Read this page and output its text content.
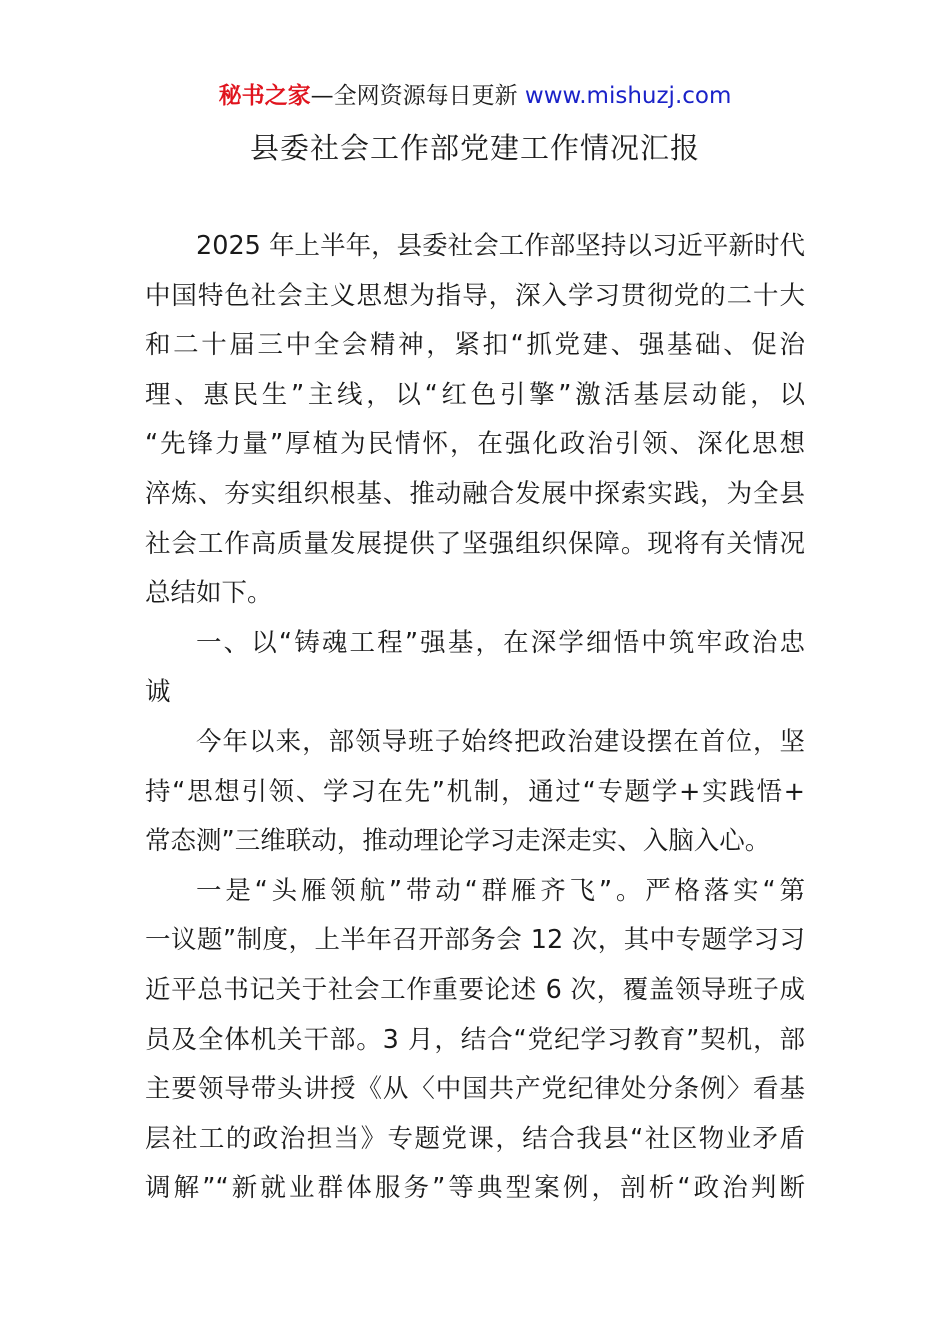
秘书之家—全网资源每日更新 www.mishuzj.com
县委社会工作部党建工作情况汇报
2025 年上半年，县委社会工作部坚持以习近平新时代
中国特色社会主义思想为指导，深入学习贯彻党的二十大
和二十届三中全会精神，紧扣“抓党建、强基础、促治
理、惠民生”主线，以“红色引擎”激活基层动能，以
“先锋力量”厚植为民情怀，在强化政治引领、深化思想
淬炼、夯实组织根基、推动融合发展中探索实践，为全县
社会工作高质量发展提供了坚强组织保障。现将有关情况
总结如下。
一、以“铸魂工程”强基，在深学细悟中筑牢政治忠
诚
今年以来，部领导班子始终把政治建设摆在首位，坚
持“思想引领、学习在先”机制，通过“专题学+实践悟+
常态测”三维联动，推动理论学习走深走实、入脑入心。
一是“头雁领航”带动“群雁齐飞”。严格落实“第
一议题”制度，上半年召开部务会 12 次，其中专题学习习
近平总书记关于社会工作重要论述 6 次，覆盖领导班子成
员及全体机关干部。3 月，结合“党纪学习教育”契机，部
主要领导带头讲授《从〈中国共产党纪律处分条例〉看基
层社工的政治担当》专题党课，结合我县“社区物业矛盾
调解”“新就业群体服务”等典型案例，剖析“政治判断
